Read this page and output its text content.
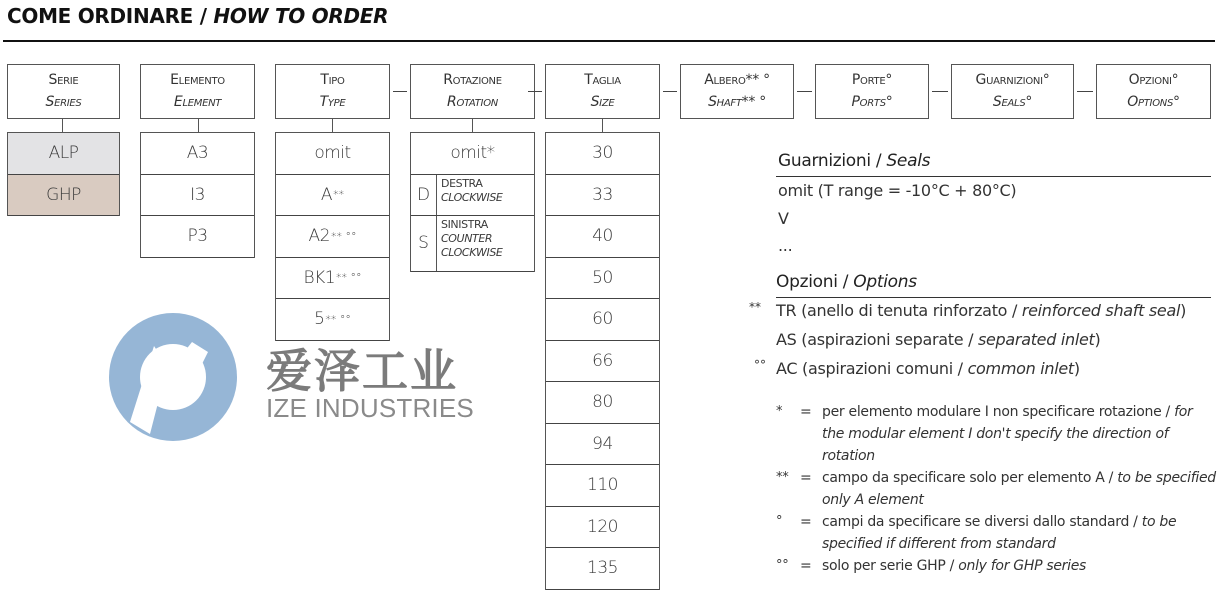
COME ORDINARE / HOW TO ORDER
Serie
Series
Elemento
Element
Tipo
Type
Rotazione
Rotation
Taglia
Size
Albero** °
Shaft** °
Porte°
Ports°
Guarnizioni°
Seals°
Opzioni°
Options°
ALP
GHP
A3
I3
P3
omit
A **
A2 ** °°
BK1 ** °°
5 ** °°
omit*
D
DESTRA
CLOCKWISE
S
SINISTRA
COUNTER
CLOCKWISE
30
33
40
50
60
66
80
94
110
120
135
爱泽工业
IZE INDUSTRIES
Guarnizioni / Seals
omit (T range = -10°C + 80°C)
V
...
Opzioni / Options
** TR (anello di tenuta rinforzato / reinforced shaft seal)
AS (aspirazioni separate / separated inlet)
°° AC (aspirazioni comuni / common inlet)
*	= per elemento modulare I non specificare rotazione / for the modular element I don't specify the direction of rotation
** = campo da specificare solo per elemento A / to be specified only A element
°	= campi da specificare se diversi dallo standard / to be specified if different from standard
°° = solo per serie GHP / only for GHP series
